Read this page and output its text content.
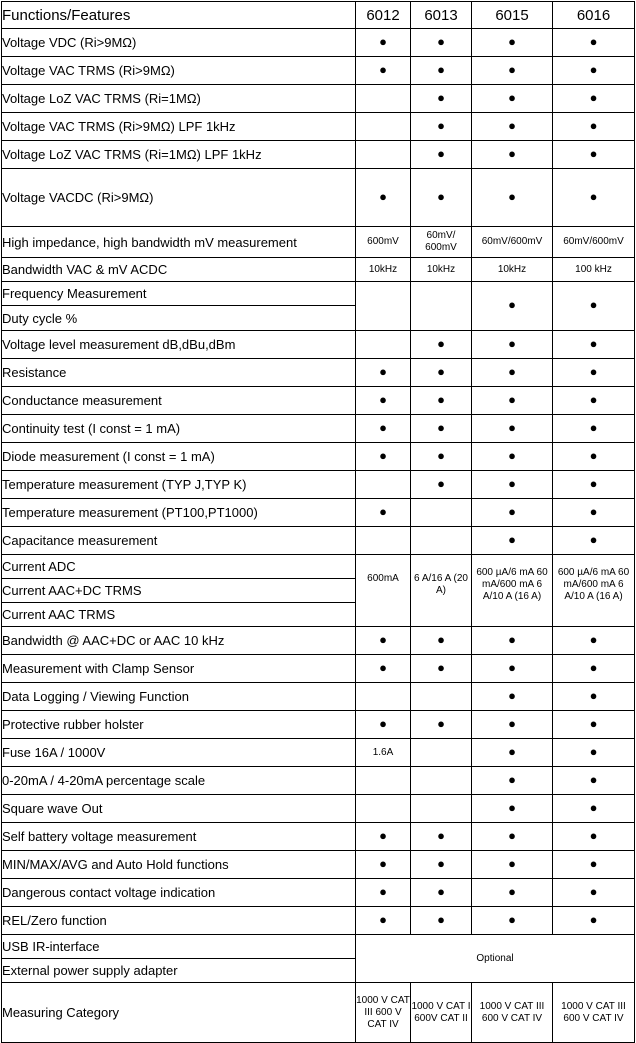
Functions/Features	6012	6013	6015	6016
Voltage VDC (Ri>9MΩ)	●	●	●	●
Voltage VAC TRMS (Ri>9MΩ)	●	●	●	●
Voltage LoZ VAC TRMS (Ri=1MΩ)		●	●	●
Voltage VAC TRMS (Ri>9MΩ) LPF 1kHz		●	●	●
Voltage LoZ VAC TRMS (Ri=1MΩ) LPF 1kHz		●	●	●
Voltage VACDC (Ri>9MΩ)	●	●	●	●
High impedance, high bandwidth mV measurement	600mV	60mV/ 600mV	60mV/600mV	60mV/600mV
Bandwidth VAC & mV ACDC	10kHz	10kHz	10kHz	100 kHz
Frequency Measurement			●	●
Duty cycle %				
Voltage level measurement dB,dBu,dBm		●	●	●
Resistance	●	●	●	●
Conductance measurement	●	●	●	●
Continuity test (I const = 1 mA)	●	●	●	●
Diode measurement (I const = 1 mA)	●	●	●	●
Temperature measurement (TYP J,TYP K)		●	●	●
Temperature measurement (PT100,PT1000)	●		●	●
Capacitance measurement			●	●
Current ADC	600mA	6 A/16 A (20 A)	600 µA/6 mA 60 mA/600 mA 6 A/10 A (16 A)	600 µA/6 mA 60 mA/600 mA 6 A/10 A (16 A)
Current AAC+DC TRMS				
Current AAC TRMS				
Bandwidth @ AAC+DC or AAC 10 kHz	●	●	●	●
Measurement with Clamp Sensor	●	●	●	●
Data Logging / Viewing Function			●	●
Protective rubber holster	●	●	●	●
Fuse 16A / 1000V	1.6A		●	●
0-20mA / 4-20mA percentage scale			●	●
Square wave Out			●	●
Self battery voltage measurement	●	●	●	●
MIN/MAX/AVG and Auto Hold functions	●	●	●	●
Dangerous contact voltage indication	●	●	●	●
REL/Zero function	●	●	●	●
USB IR-interface	Optional			
External power supply adapter				
Measuring Category	1000 V CAT III 600 V CAT IV	1000 V CAT I 600V CAT II	1000 V CAT III 600 V CAT IV	1000 V CAT III 600 V CAT IV
